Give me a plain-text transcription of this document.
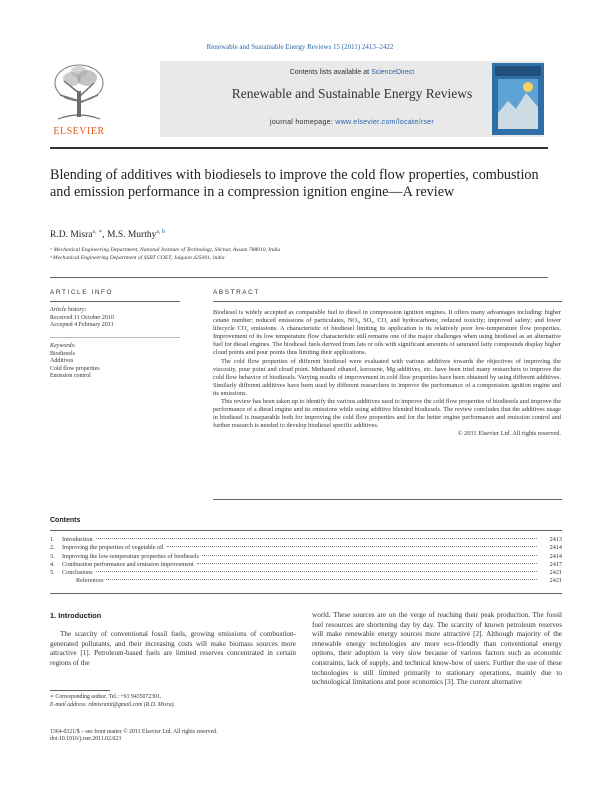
Renewable and Sustainable Energy Reviews 15 (2011) 2413–2422
ELSEVIER
Contents lists available at ScienceDirect
Renewable and Sustainable Energy Reviews
journal homepage: www.elsevier.com/locate/rser
Blending of additives with biodiesels to improve the cold flow properties, combustion and emission performance in a compression ignition engine—A review
R.D. Misra$^{a, ∗}$, M.S. Murthy$^{a, b}$
ᵃ Mechanical Engineering Department, National Institute of Technology, Silchar, Assam 788010, India
ᵇ Mechanical Engineering Department of SSBT COET, Jalgaon 425001, India
ARTICLE INFO
Article history:
Received 11 October 2010
Accepted 4 February 2011
Keywords:
Biodiesels
Additives
Cold flow properties
Emission control
ABSTRACT

Biodiesel is widely accepted as comparable fuel to diesel in compression ignition engines. It offers many advantages including: higher cetane number; reduced emissions of particulates, NOₓ, SOₓ, CO, and hydrocarbons; reduced toxicity; improved safety; and lower lifecycle CO₂ emissions. A characteristic of biodiesel limiting its application is its relatively poor low-temperature flow properties. Improvement of its low temperature flow characteristic still remains one of the major challenges when using biodiesel as an alternative fuel for diesel engines. The biodiesel fuels derived from fats or oils with significant amounts of saturated fatty compounds display higher cloud points and pour points thus limiting their applications.

The cold flow properties of different biodiesel were evaluated with various additives towards the objectives of improving the viscosity, pour point and cloud point. Methanol ethanol, kerosene, Mg additives, etc. have been tried many researchers to improve the cold flow behavior of biodiesels. Varying results of improvement in cold flow properties have been obtained by using different additives. Similarly different additives have been used by different researchers to improve the performance of a compression ignition engine and its emissions.

This review has been taken up to identify the various additives used to improve the cold flow properties of biodiesels and improve the performance of a diesel engine and its emissions while using additive blended biodiesels. The review concludes that the additives usage in biodiesel is inseparable both for improving the cold flow properties and for the better engine performance and emission control and further research is needed to develop biodiesel specific additives.

© 2011 Elsevier Ltd. All rights reserved.

Contents
1.	Introduction	2413
2.	Improving the properties of vegetable oil	2414
3.	Improving the low-temperature properties of biodiesels	2414
4.	Combustion performance and emission improvement	2417
5.	Conclusions	2421
References	2421
1. Introduction
The scarcity of conventional fossil fuels, growing emissions of combustion-generated pollutants, and their increasing costs will make biomass sources more attractive [1]. Petroleum-based fuels are limited reserves concentrated in certain regions of the
world. These sources are on the verge of reaching their peak production. The fossil fuel resources are shortening day by day. The scarcity of known petroleum reserves will make renewable energy sources more attractive [2]. Although majority of the renewable energy technologies are more eco-friendly than conventional energy options, their adoption is very slow because of various factors such as economic constraints, lack of supply, and technical know-how of users. Further the use of these technologies is still limited primarily to stationary operations, mainly due to technological limitations and poor economics [3]. The current alternative
∗ Corresponding author. Tel.: +91 9435072301.
E-mail address: rdmisranit@gmail.com (R.D. Misra).
1364-0321/$ – see front matter © 2011 Elsevier Ltd. All rights reserved.
doi:10.1016/j.rser.2011.02.023
